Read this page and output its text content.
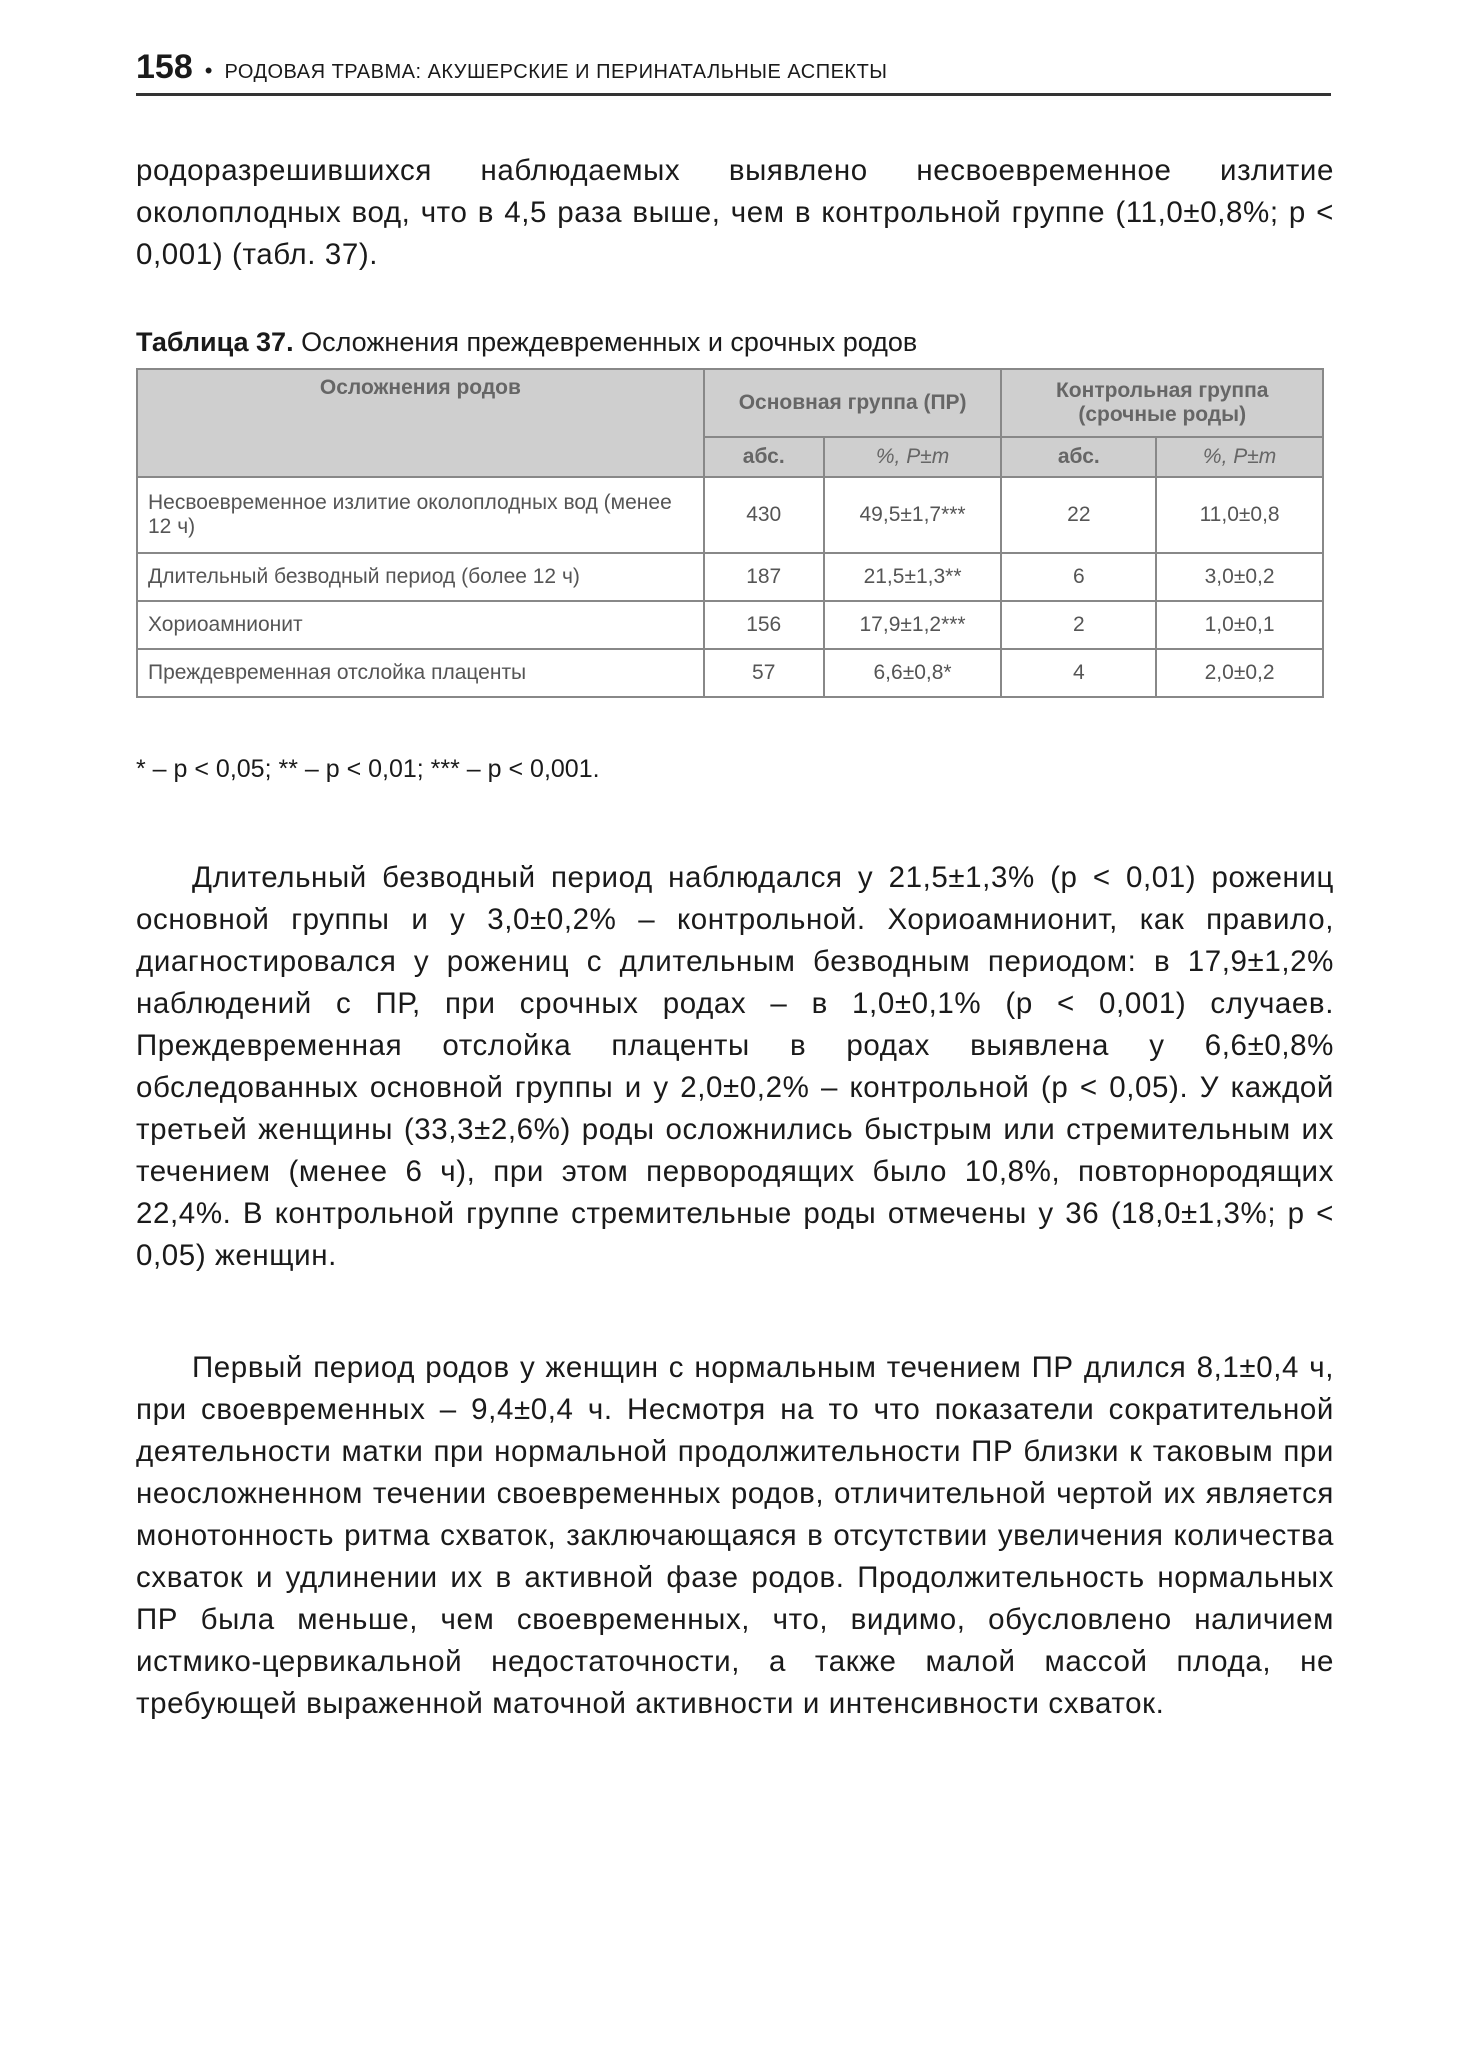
158 • РОДОВАЯ ТРАВМА: АКУШЕРСКИЕ И ПЕРИНАТАЛЬНЫЕ АСПЕКТЫ
родоразрешившихся наблюдаемых выявлено несвоевременное излитие околоплодных вод, что в 4,5 раза выше, чем в контрольной группе (11,0±0,8%; p < 0,001) (табл. 37).
Таблица 37. Осложнения преждевременных и срочных родов
Осложнения родов	Основная группа (ПР)		Контрольная группа (срочные роды)	
	абс.	%, P±m	абс.	%, P±m
Несвоевременное излитие околоплодных вод (менее 12 ч)	430	49,5±1,7***	22	11,0±0,8
Длительный безводный период (более 12 ч)	187	21,5±1,3**	6	3,0±0,2
Хориоамнионит	156	17,9±1,2***	2	1,0±0,1
Преждевременная отслойка плаценты	57	6,6±0,8*	4	2,0±0,2
* – p < 0,05; ** – p < 0,01; *** – p < 0,001.
Длительный безводный период наблюдался у 21,5±1,3% (p < 0,01) рожениц основной группы и у 3,0±0,2% – контрольной. Хориоамнионит, как правило, диагностировался у рожениц с длительным безводным периодом: в 17,9±1,2% наблюдений с ПР, при срочных родах – в 1,0±0,1% (p < 0,001) случаев. Преждевременная отслойка плаценты в родах выявлена у 6,6±0,8% обследованных основной группы и у 2,0±0,2% – контрольной (p < 0,05). У каждой третьей женщины (33,3±2,6%) роды осложнились быстрым или стремительным их течением (менее 6 ч), при этом первородящих было 10,8%, повторнородящих 22,4%. В контрольной группе стремительные роды отмечены у 36 (18,0±1,3%; p < 0,05) женщин.
Первый период родов у женщин с нормальным течением ПР длился 8,1±0,4 ч, при своевременных – 9,4±0,4 ч. Несмотря на то что показатели сократительной деятельности матки при нормальной продолжительности ПР близки к таковым при неосложненном течении своевременных родов, отличительной чертой их является монотонность ритма схваток, заключающаяся в отсутствии увеличения количества схваток и удлинении их в активной фазе родов. Продолжительность нормальных ПР была меньше, чем своевременных, что, видимо, обусловлено наличием истмико-цервикальной недостаточности, а также малой массой плода, не требующей выраженной маточной активности и интенсивности схваток.
